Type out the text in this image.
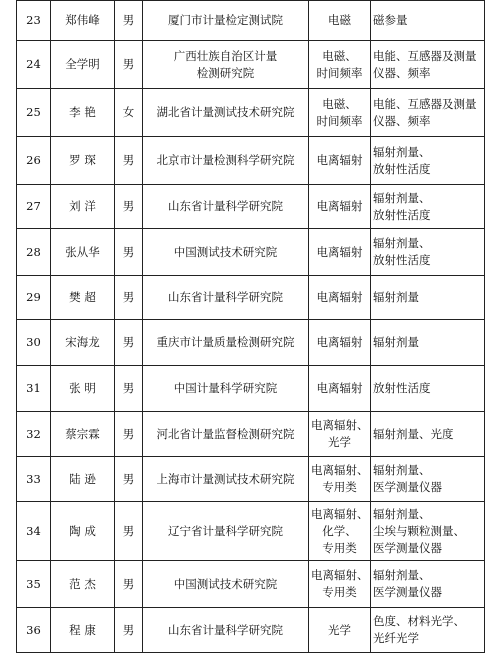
23	郑伟峰	男	厦门市计量检定测试院	电磁	磁参量

24	全学明	男	广西壮族自治区计量
检测研究院	电磁、
时间频率	电能、互感器及测量
仪器、频率

25	李 艳	女	湖北省计量测试技术研究院	电磁、
时间频率	电能、互感器及测量
仪器、频率

26	罗 琛	男	北京市计量检测科学研究院	电离辐射	辐射剂量、
放射性活度

27	刘 洋	男	山东省计量科学研究院	电离辐射	辐射剂量、
放射性活度

28	张从华	男	中国测试技术研究院	电离辐射	辐射剂量、
放射性活度

29	樊 超	男	山东省计量科学研究院	电离辐射	辐射剂量

30	宋海龙	男	重庆市计量质量检测研究院	电离辐射	辐射剂量

31	张 明	男	中国计量科学研究院	电离辐射	放射性活度

32	蔡宗霖	男	河北省计量监督检测研究院	电离辐射、
光学	辐射剂量、光度

33	陆 逊	男	上海市计量测试技术研究院	电离辐射、
专用类	辐射剂量、
医学测量仪器

34	陶 成	男	辽宁省计量科学研究院	电离辐射、
化学、
专用类	辐射剂量、
尘埃与颗粒测量、
医学测量仪器

35	范 杰	男	中国测试技术研究院	电离辐射、
专用类	辐射剂量、
医学测量仪器

36	程 康	男	山东省计量科学研究院	光学	色度、材料光学、
光纤光学
